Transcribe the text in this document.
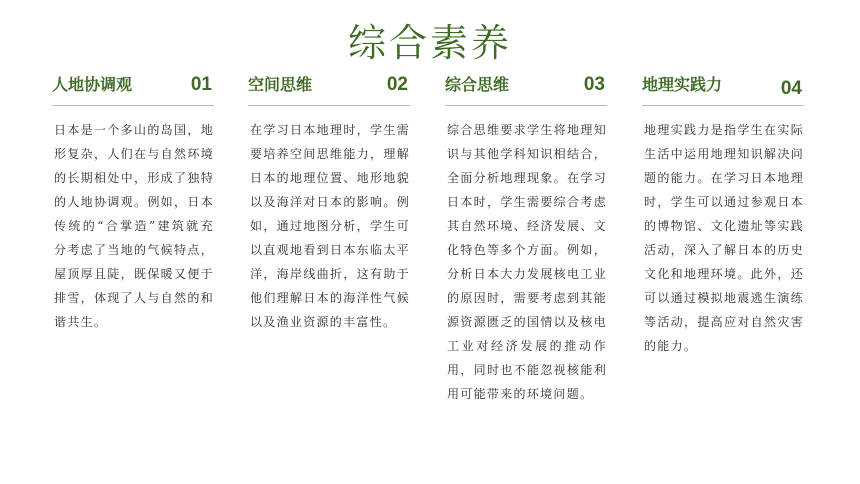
综合素养
人地协调观	01
日本是一个多山的岛国，地形复杂，人们在与自然环境的长期相处中，形成了独特的人地协调观。例如，日本传统的“合掌造”建筑就充分考虑了当地的气候特点，屋顶厚且陡，既保暖又便于排雪，体现了人与自然的和谐共生。
空间思维	02
在学习日本地理时，学生需要培养空间思维能力，理解日本的地理位置、地形地貌以及海洋对日本的影响。例如，通过地图分析，学生可以直观地看到日本东临太平洋，海岸线曲折，这有助于他们理解日本的海洋性气候以及渔业资源的丰富性。
综合思维	03
综合思维要求学生将地理知识与其他学科知识相结合，全面分析地理现象。在学习日本时，学生需要综合考虑其自然环境、经济发展、文化特色等多个方面。例如，分析日本大力发展核电工业的原因时，需要考虑到其能源资源匮乏的国情以及核电工业对经济发展的推动作用，同时也不能忽视核能利用可能带来的环境问题。
地理实践力	04
地理实践力是指学生在实际生活中运用地理知识解决问题的能力。在学习日本地理时，学生可以通过参观日本的博物馆、文化遗址等实践活动，深入了解日本的历史文化和地理环境。此外，还可以通过模拟地震逃生演练等活动，提高应对自然灾害的能力。
